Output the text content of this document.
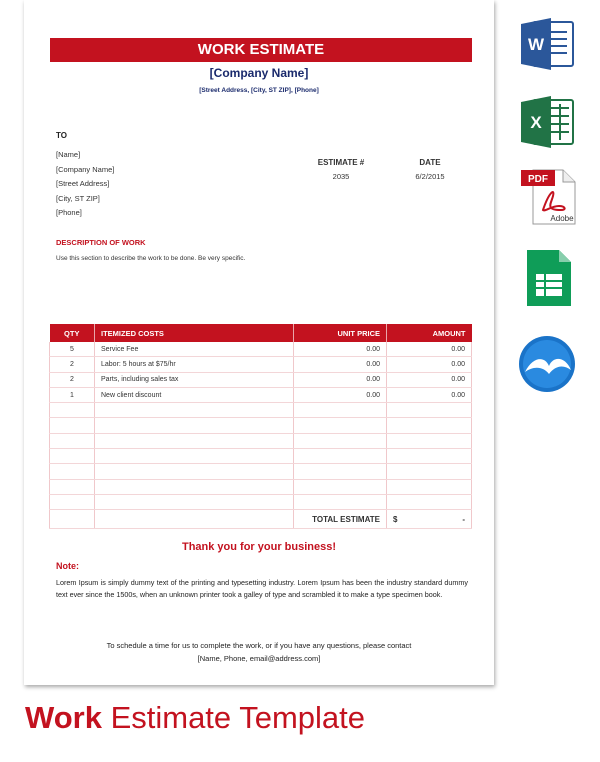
WORK ESTIMATE
[Company Name]
[Street Address, [City, ST ZIP], [Phone]
TO
[Name]
[Company Name]
[Street Address]
[City, ST ZIP]
[Phone]
ESTIMATE #
2035
DATE
6/2/2015
DESCRIPTION OF WORK
Use this section to describe the work to be done. Be very specific.
QTY	ITEMIZED COSTS	UNIT PRICE	AMOUNT
5	Service Fee	0.00	0.00
2	Labor: 5 hours at $75/hr	0.00	0.00
2	Parts, including sales tax	0.00	0.00
1	New client discount	0.00	0.00

		TOTAL ESTIMATE	$ -
Thank you for your business!
Note:
Lorem Ipsum is simply dummy text of the printing and typesetting industry. Lorem Ipsum has been the industry standard dummy text ever since the 1500s, when an unknown printer took a galley of type and scrambled it to make a type specimen book.
To schedule a time for us to complete the work, or if you have any questions, please contact
[Name, Phone, email@address.com]
Work Estimate Template
W
X
PDF
Adobe
